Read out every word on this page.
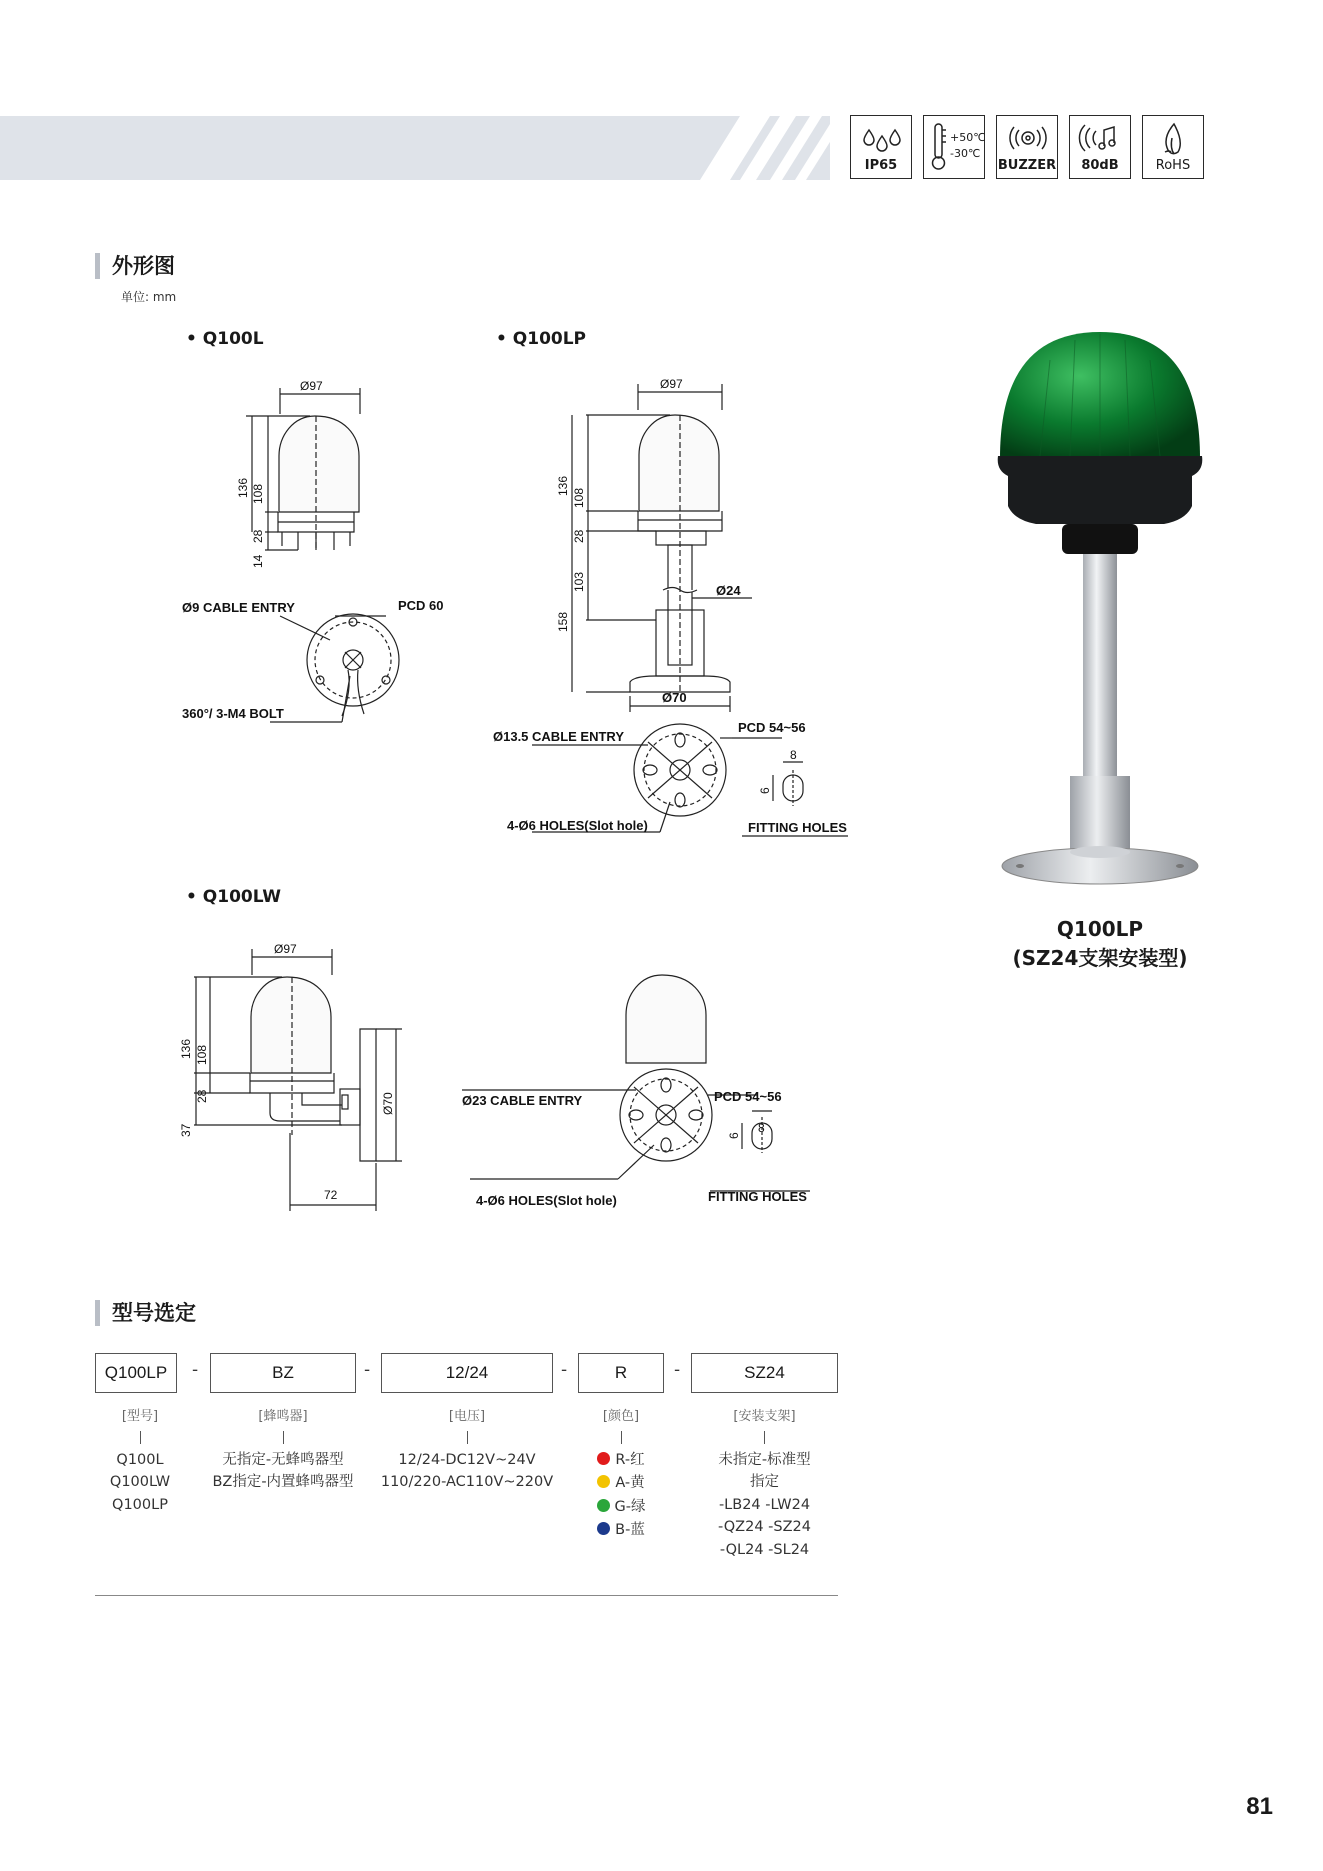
IP65
+50℃
-30℃
BUZZER	80dB	RoHS
外形图
单位: mm
• Q100L	• Q100LP
• Q100LW
Ø97
108
28
136
14
Ø9 CABLE ENTRY	PCD 60
360°/ 3-M4 BOLT
Ø97
108
28
136
103
158
Ø24
Ø70
Ø13.5 CABLE ENTRY
PCD 54~56
4-Ø6 HOLES(Slot hole)	FITTING HOLES
8
6
Ø97
108
28
136
37
72
Ø70	Ø23 CABLE ENTRY	PCD 54~56
4-Ø6 HOLES(Slot hole)	FITTING HOLES
8
6
Q100LP
(SZ24支架安装型)
型号选定
Q100LP	-	BZ	-	12/24	-	R	-	SZ24
[型号]
Q100L
Q100LW
Q100LP
[蜂鸣器]
无指定-无蜂鸣器型
BZ指定-内置蜂鸣器型
[电压]
12/24-DC12V~24V
110/220-AC110V~220V
[颜色]
R-红
A-黄
G-绿
B-蓝
[安装支架]
未指定-标准型
指定
-LB24 -LW24
-QZ24 -SZ24
-QL24 -SL24
81
